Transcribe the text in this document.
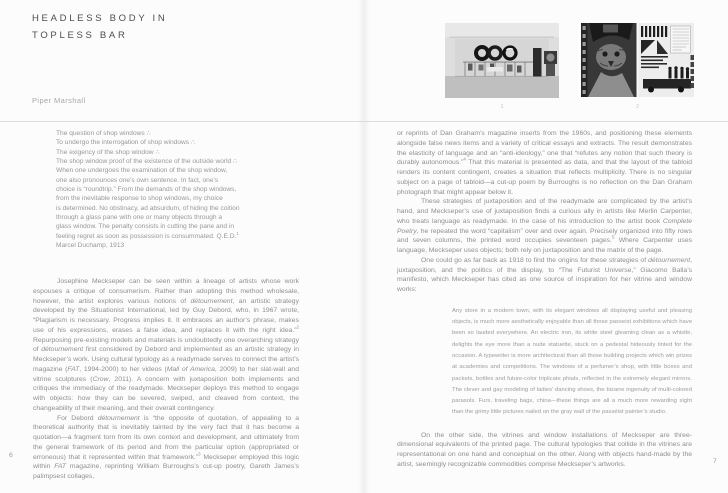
HEADLESS BODY IN
TOPLESS BAR
Piper Marshall
The question of shop windows ∴
To undergo the interrogation of shop windows ∴
The exigency of the shop window ∴
The shop window proof of the existence of the outside world ∴
When one undergoes the examination of the shop window,
one also pronounces one’s own sentence. In fact, one’s
choice is “roundtrip.” From the demands of the shop windows,
from the inevitable response to shop windows, my choice
is determined. No obstinacy, ad absurdum, of hiding the coition
through a glass pane with one or many objects through a
glass window. The penalty consists in cutting the pane and in
feeling regret as soon as possession is consummated. Q.E.D.$^1$
Marcel Duchamp, 1913

Josephine Meckseper can be seen within a lineage of artists whose work espouses a critique of consumerism. Rather than adopting this method wholesale, however, the artist explores various notions of détournement, an artistic strategy developed by the Situationist International, led by Guy Debord, who, in 1967 wrote, “Plagiarism is necessary. Progress implies it. It embraces an author’s phrase, makes use of his expressions, erases a false idea, and replaces it with the right idea.”$^2$ Repurposing pre-existing models and materials is undoubtedly one overarching strategy of détournement first considered by Debord and implemented as an artistic strategy in Meckseper’s work. Using cultural typology as a readymade serves to connect the artist’s magazine (FAT, 1994-2000) to her videos (Mall of America, 2009) to her slat-wall and vitrine sculptures (Crow, 2011). A concern with juxtaposition both implements and critiques the immediacy of the readymade. Meckseper deploys this method to engage with objects: how they can be severed, swiped, and cleaved from context, the changeability of their meaning, and their overall contingency.

For Debord détournement is “the opposite of quotation, of appealing to a theoretical authority that is inevitably tainted by the very fact that it has become a quotation—a fragment torn from its own context and development, and ultimately from the general framework of its period and from the particular option (appropriated or erroneous) that it represented within that framework.”$^3$ Meckseper employed this logic within FAT magazine, reprinting William Burroughs’s cut-up poetry, Gareth James’s palimpsest collages,

6
1	2

or reprints of Dan Graham’s magazine inserts from the 1960s, and positioning these elements alongside false news items and a variety of critical essays and extracts. The result demonstrates the elasticity of language and an “anti-ideology,” one that “refutes any notion that such theory is durably autonomous.”$^4$ That this material is presented as data, and that the layout of the tabloid renders its content contingent, creates a situation that reflects multiplicity. There is no singular subject on a page of tabloid—a cut-up poem by Burroughs is no reflection on the Dan Graham photograph that might appear below it.

These strategies of juxtaposition and of the readymade are complicated by the artist’s hand, and Meckseper’s use of juxtaposition finds a curious ally in artists like Merlin Carpenter, who treats language as readymade. In the case of his introduction to the artist book Complete Poetry, he repeated the word “capitalism” over and over again. Precisely organized into fifty rows and seven columns, the printed word occupies seventeen pages.$^5$ Where Carpenter uses language, Meckseper uses objects; both rely on juxtaposition and the matrix of the page.

One could go as far back as 1918 to find the origins for these strategies of détournement, juxtaposition, and the politics of the display, to “The Futurist Universe,” Giacomo Balla’s manifesto, which Meckseper has cited as one source of inspiration for her vitrine and window works:

Any store in a modern town, with its elegant windows all displaying useful and pleasing objects, is much more aesthetically enjoyable than all those passeist exhibitions which have been so lauded everywhere. An electric iron, its white steel gleaming clean as a whistle, delights the eye more than a nude statuette, stuck on a pedestal hideously tinted for the occasion. A typewriter is more architectural than all those building projects which win prizes at academies and competitions. The windows of a perfumer’s shop, with little boxes and packets, bottles and future-color triplicate phials, reflected in the extremely elegant mirrors. The clever and gay modeling of ladies’ dancing shoes, the bizarre ingenuity of multi-colored parasols. Furs, traveling bags, china—these things are all a much more rewarding sight than the grimy little pictures nailed on the gray wall of the passéist painter’s studio.

On the other side, the vitrines and window installations of Meckseper are three-dimensional equivalents of the printed page. The cultural typologies that collide in the vitrines are representational on one hand and conceptual on the other. Along with objects hand-made by the artist, seemingly recognizable commodities comprise Meckseper’s artworks.	7
